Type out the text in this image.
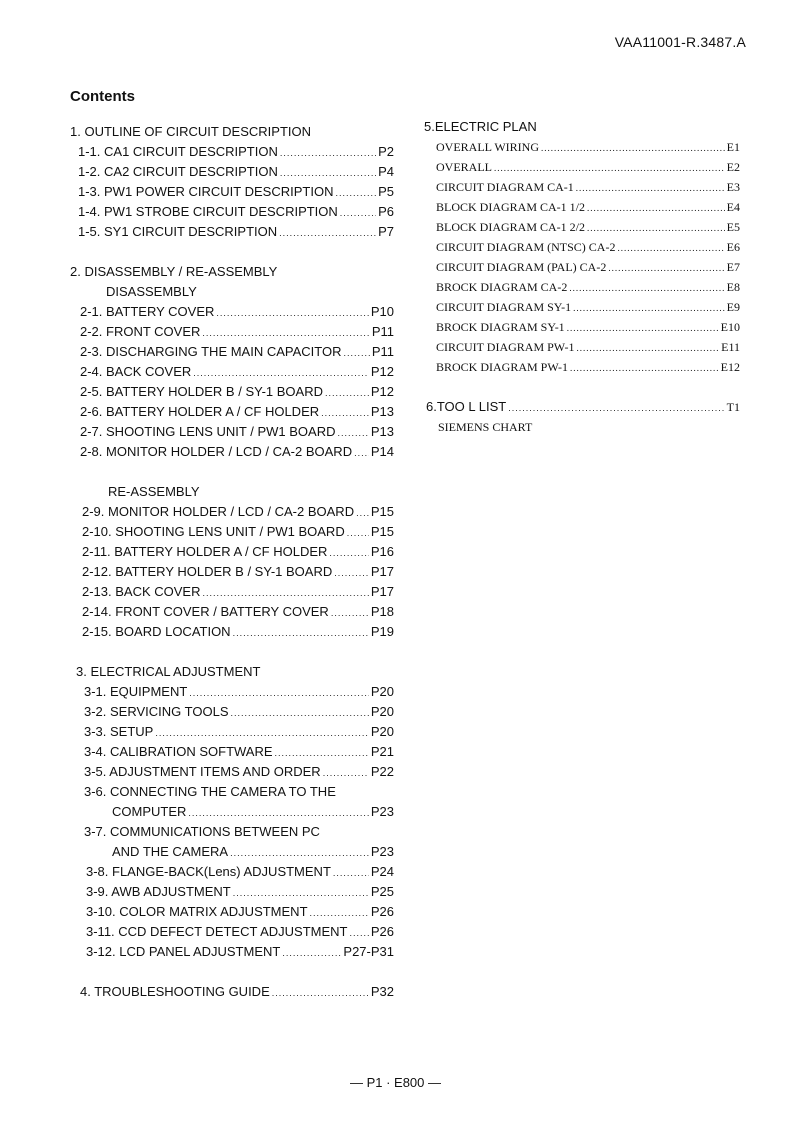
VAA11001-R.3487.A
Contents
1. OUTLINE OF CIRCUIT DESCRIPTION
1-1. CA1 CIRCUIT DESCRIPTION .....	P2
1-2. CA2 CIRCUIT DESCRIPTION .....	P4
1-3. PW1 POWER CIRCUIT DESCRIPTION .....	P5
1-4. PW1 STROBE CIRCUIT DESCRIPTION .....	P6
1-5. SY1 CIRCUIT DESCRIPTION .....	P7
2. DISASSEMBLY / RE-ASSEMBLY
DISASSEMBLY
2-1. BATTERY COVER .....	P10
2-2. FRONT COVER .....	P11
2-3. DISCHARGING THE MAIN CAPACITOR ..... P11
2-4. BACK COVER .....	P12
2-5. BATTERY HOLDER B / SY-1 BOARD .....	P12
2-6. BATTERY HOLDER A / CF HOLDER .....	P13
2-7. SHOOTING LENS UNIT / PW1 BOARD .....	P13
2-8. MONITOR HOLDER / LCD / CA-2 BOARD ..... P14
RE-ASSEMBLY
2-9. MONITOR HOLDER / LCD / CA-2 BOARD ..... P15
2-10. SHOOTING LENS UNIT / PW1 BOARD ..... P15
2-11. BATTERY HOLDER A / CF HOLDER .....	P16
2-12. BATTERY HOLDER B / SY-1 BOARD .....	P17
2-13. BACK COVER .....	P17
2-14. FRONT COVER / BATTERY COVER .....	P18
2-15. BOARD LOCATION .....	P19
3. ELECTRICAL ADJUSTMENT
3-1. EQUIPMENT .....	P20
3-2. SERVICING TOOLS .....	P20
3-3. SETUP .....	P20
3-4. CALIBRATION SOFTWARE .....	P21
3-5. ADJUSTMENT ITEMS AND ORDER .....	P22
3-6. CONNECTING THE CAMERA TO THE
COMPUTER .....	P23
3-7. COMMUNICATIONS BETWEEN PC
AND THE CAMERA .....	P23
3-8. FLANGE-BACK(Lens) ADJUSTMENT .....	P24
3-9. AWB ADJUSTMENT .....	P25
3-10. COLOR MATRIX ADJUSTMENT .....	P26
3-11. CCD DEFECT DETECT ADJUSTMENT ..... P26
3-12. LCD PANEL ADJUSTMENT .....	P27-P31
4. TROUBLESHOOTING GUIDE .....	P32
5.ELECTRIC PLAN
OVERALL WIRING .....	E1
OVERALL .....	E2
CIRCUIT DIAGRAM CA-1 .....	E3
BLOCK DIAGRAM CA-1 1/2 .....	E4
BLOCK DIAGRAM CA-1 2/2 .....	E5
CIRCUIT DIAGRAM (NTSC) CA-2 .....	E6
CIRCUIT DIAGRAM (PAL) CA-2 .....	E7
BROCK DIAGRAM CA-2 .....	E8
CIRCUIT DIAGRAM SY-1 .....	E9
BROCK DIAGRAM SY-1 .....	E10
CIRCUIT DIAGRAM PW-1 .....	E11
BROCK DIAGRAM PW-1 .....	E12
6.TOO L LIST .....	T1
SIEMENS CHART
— P1 · E800 —
